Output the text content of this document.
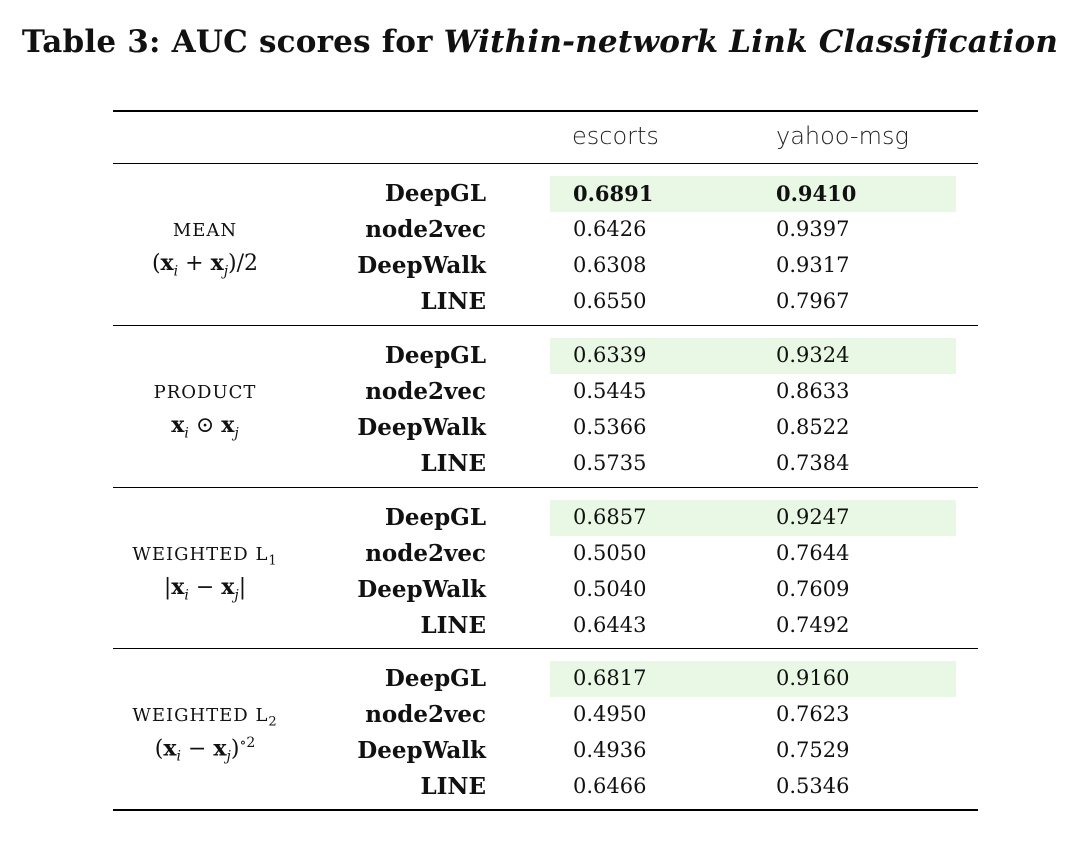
Table 3: AUC scores for Within-network Link Classification
escorts	yahoo-msg
MEAN
$(x_i + x_j)/2$
DeepGL	0.6891	0.9410
node2vec	0.6426	0.9397
DeepWalk	0.6308	0.9317
LINE	0.6550	0.7967
PRODUCT
$x_i$ ⊙ $x_j$
DeepGL	0.6339	0.9324
node2vec	0.5445	0.8633
DeepWalk	0.5366	0.8522
LINE	0.5735	0.7384
WEIGHTED $L_1$
$|x_i - x_j|$
DeepGL	0.6857	0.9247
node2vec	0.5050	0.7644
DeepWalk	0.5040	0.7609
LINE	0.6443	0.7492
WEIGHTED $L_2$
$(x_i - x_j)^{\circ 2}$
DeepGL	0.6817	0.9160
node2vec	0.4950	0.7623
DeepWalk	0.4936	0.7529
LINE	0.6466	0.5346
